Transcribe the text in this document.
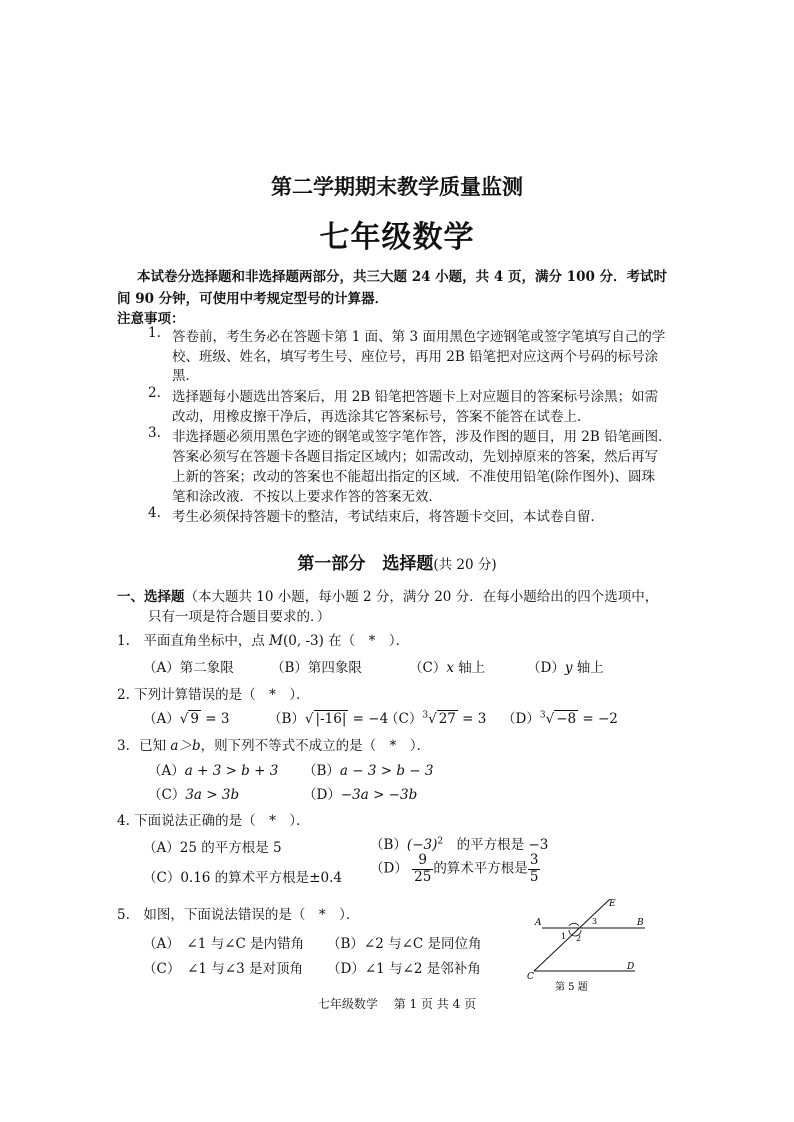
第二学期期末教学质量监测
七年级数学
本试卷分选择题和非选择题两部分，共三大题 24 小题，共 4 页，满分 100 分．考试时
间 90 分钟，可使用中考规定型号的计算器．
注意事项：
1. 答卷前，考生务必在答题卡第 1 面、第 3 面用黑色字迹钢笔或签字笔填写自己的学
校、班级、姓名，填写考生号、座位号，再用 2B 铅笔把对应这两个号码的标号涂
黑．
2. 选择题每小题选出答案后，用 2B 铅笔把答题卡上对应题目的答案标号涂黑；如需
改动，用橡皮擦干净后，再选涂其它答案标号，答案不能答在试卷上．
3. 非选择题必须用黑色字迹的钢笔或签字笔作答，涉及作图的题目，用 2B 铅笔画图．
答案必须写在答题卡各题目指定区域内；如需改动，先划掉原来的答案，然后再写
上新的答案；改动的答案也不能超出指定的区域．不准使用铅笔(除作图外)、圆珠
笔和涂改液．不按以上要求作答的答案无效．
4. 考生必须保持答题卡的整洁，考试结束后，将答题卡交回，本试卷自留．
第一部分　选择题(共 20 分)
一、选择题（本大题共 10 小题，每小题 2 分，满分 20 分．在每小题给出的四个选项中，
只有一项是符合题目要求的．）
1.　平面直角坐标中，点 M(0, -3) 在（　*　）．
（A）第二象限	（B）第四象限	（C）x 轴上	（D）y 轴上
2. 下列计算错误的是（　*　）．
（A）√ 9 = 3	（B）√ |-16| = −4
$(C)^3√$ 27 = 3 $(D)^3√ -8 = -2$
3．已知 a＞b，则下列不等式不成立的是（　*　）．
（A）a + 3 > b + 3 （B）a − 3 > b − 3
（C）3a > 3b	（D）−3a > −3b
4. 下面说法正确的是（　*　）．
（A）25 的平方根是 5	$(B)(-3)^2$　的平方根是 −3
（C）0.16 的算术平方根是±0.4
$(D) \frac{9}{25}$ 的算术平方根是 $\frac{3}{5}$
5.　如图，下面说法错误的是（　*　）．
（A）　∠1 与∠C 是内错角 （B）∠2 与∠C 是同位角
（C）　∠1 与∠3 是对顶角 （D）∠1 与∠2 是邻补角
A	B
C
D
E
1 2
3
第 5 题
七年级数学　 第 1 页 共 4 页
